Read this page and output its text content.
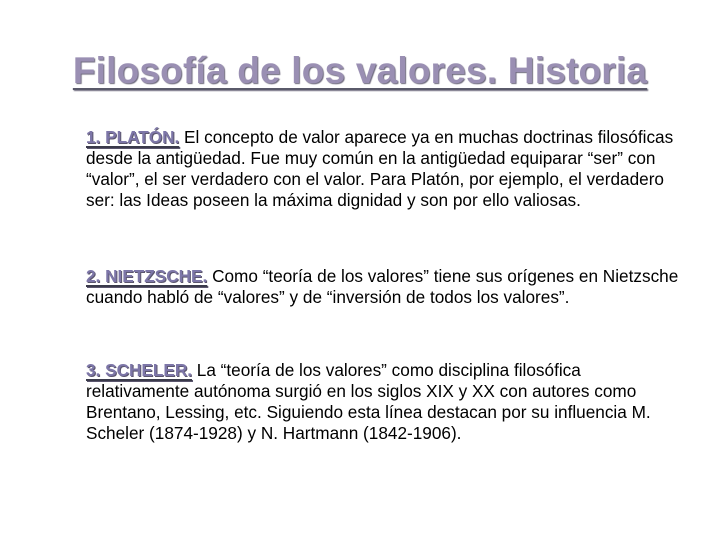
Filosofía de los valores. Historia

1. PLATÓN. El concepto de valor aparece ya en muchas doctrinas filosóficas desde la antigüedad. Fue muy común en la antigüedad equiparar “ser” con “valor”, el ser verdadero con el valor. Para Platón, por ejemplo, el verdadero ser: las Ideas poseen la máxima dignidad y son por ello valiosas.

2. NIETZSCHE. Como “teoría de los valores” tiene sus orígenes en Nietzsche cuando habló de “valores” y de “inversión de todos los valores”.

3. SCHELER. La “teoría de los valores” como disciplina filosófica relativamente autónoma surgió en los siglos XIX y XX con autores como Brentano, Lessing, etc. Siguiendo esta línea destacan por su influencia M. Scheler (1874-1928) y N. Hartmann (1842-1906).
